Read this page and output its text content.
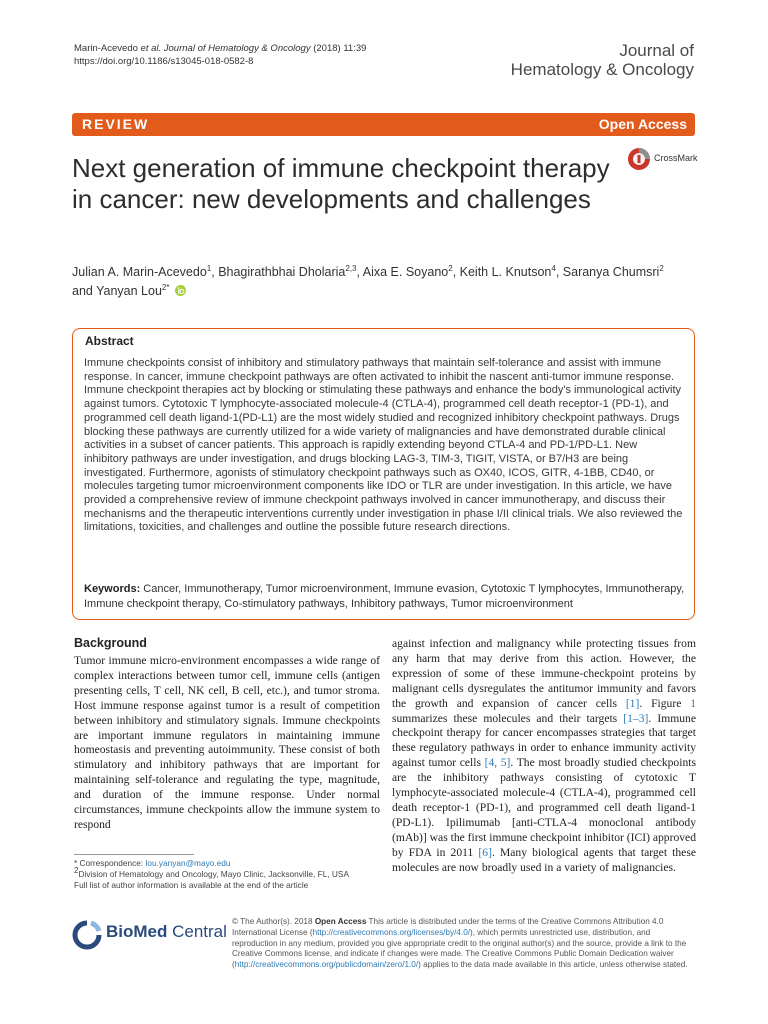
Marin-Acevedo et al. Journal of Hematology & Oncology (2018) 11:39
https://doi.org/10.1186/s13045-018-0582-8
Journal of
Hematology & Oncology
REVIEW	Open Access
Next generation of immune checkpoint therapy in cancer: new developments and challenges
CrossMark
Julian A. Marin-Acevedo$^1$, Bhagirathbhai Dholaria$^{2,3}$, Aixa E. Soyano$^2$, Keith L. Knutson$^4$, Saranya Chumsri$^2$
and Yanyan Lou$^{2*}$
Abstract
Immune checkpoints consist of inhibitory and stimulatory pathways that maintain self-tolerance and assist with immune response. In cancer, immune checkpoint pathways are often activated to inhibit the nascent anti-tumor immune response. Immune checkpoint therapies act by blocking or stimulating these pathways and enhance the body's immunological activity against tumors. Cytotoxic T lymphocyte-associated molecule-4 (CTLA-4), programmed cell death receptor-1 (PD-1), and programmed cell death ligand-1(PD-L1) are the most widely studied and recognized inhibitory checkpoint pathways. Drugs blocking these pathways are currently utilized for a wide variety of malignancies and have demonstrated durable clinical activities in a subset of cancer patients. This approach is rapidly extending beyond CTLA-4 and PD-1/PD-L1. New inhibitory pathways are under investigation, and drugs blocking LAG-3, TIM-3, TIGIT, VISTA, or B7/H3 are being investigated. Furthermore, agonists of stimulatory checkpoint pathways such as OX40, ICOS, GITR, 4-1BB, CD40, or molecules targeting tumor microenvironment components like IDO or TLR are under investigation. In this article, we have provided a comprehensive review of immune checkpoint pathways involved in cancer immunotherapy, and discuss their mechanisms and the therapeutic interventions currently under investigation in phase I/II clinical trials. We also reviewed the limitations, toxicities, and challenges and outline the possible future research directions.
Keywords: Cancer, Immunotherapy, Tumor microenvironment, Immune evasion, Cytotoxic T lymphocytes, Immunotherapy, Immune checkpoint therapy, Co-stimulatory pathways, Inhibitory pathways, Tumor microenvironment
Background
Tumor immune micro-environment encompasses a wide range of complex interactions between tumor cell, immune cells (antigen presenting cells, T cell, NK cell, B cell, etc.), and tumor stroma. Host immune response against tumor is a result of competition between inhibitory and stimulatory signals. Immune checkpoints are important immune regulators in maintaining immune homeostasis and preventing autoimmunity. These consist of both stimulatory and inhibitory pathways that are important for maintaining self-tolerance and regulating the type, magnitude, and duration of the immune response. Under normal circumstances, immune checkpoints allow the immune system to respond
against infection and malignancy while protecting tissues from any harm that may derive from this action. However, the expression of some of these immune-checkpoint proteins by malignant cells dysregulates the antitumor immunity and favors the growth and expansion of cancer cells [1]. Figure 1 summarizes these molecules and their targets [1–3]. Immune checkpoint therapy for cancer encompasses strategies that target these regulatory pathways in order to enhance immunity activity against tumor cells [4, 5]. The most broadly studied checkpoints are the inhibitory pathways consisting of cytotoxic T lymphocyte-associated molecule-4 (CTLA-4), programmed cell death receptor-1 (PD-1), and programmed cell death ligand-1 (PD-L1). Ipilimumab [anti-CTLA-4 monoclonal antibody (mAb)] was the first immune checkpoint inhibitor (ICI) approved by FDA in 2011 [6]. Many biological agents that target these molecules are now broadly used in a variety of malignancies.
* Correspondence: lou.yanyan@mayo.edu
$^2$Division of Hematology and Oncology, Mayo Clinic, Jacksonville, FL, USA
Full list of author information is available at the end of the article
BioMed Central
© The Author(s). 2018 Open Access This article is distributed under the terms of the Creative Commons Attribution 4.0 International License (http://creativecommons.org/licenses/by/4.0/), which permits unrestricted use, distribution, and reproduction in any medium, provided you give appropriate credit to the original author(s) and the source, provide a link to the Creative Commons license, and indicate if changes were made. The Creative Commons Public Domain Dedication waiver (http://creativecommons.org/publicdomain/zero/1.0/) applies to the data made available in this article, unless otherwise stated.
